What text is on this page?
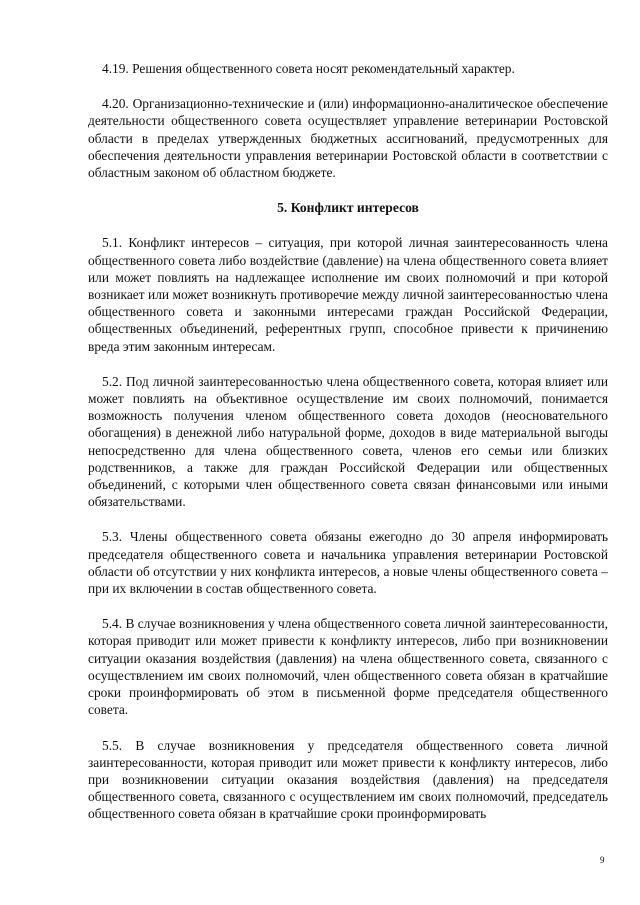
4.19. Решения общественного совета носят рекомендательный характер.

4.20. Организационно-технические и (или) информационно-аналитическое обеспечение деятельности общественного совета осуществляет управление ветеринарии Ростовской области в пределах утвержденных бюджетных ассигнований, предусмотренных для обеспечения деятельности управления ветеринарии Ростовской области в соответствии с областным законом об областном бюджете.

5. Конфликт интересов

5.1. Конфликт интересов – ситуация, при которой личная заинтересованность члена общественного совета либо воздействие (давление) на члена общественного совета влияет или может повлиять на надлежащее исполнение им своих полномочий и при которой возникает или может возникнуть противоречие между личной заинтересованностью члена общественного совета и законными интересами граждан Российской Федерации, общественных объединений, референтных групп, способное привести к причинению вреда этим законным интересам.

5.2. Под личной заинтересованностью члена общественного совета, которая влияет или может повлиять на объективное осуществление им своих полномочий, понимается возможность получения членом общественного совета доходов (неосновательного обогащения) в денежной либо натуральной форме, доходов в виде материальной выгоды непосредственно для члена общественного совета, членов его семьи или близких родственников, а также для граждан Российской Федерации или общественных объединений, с которыми член общественного совета связан финансовыми или иными обязательствами.

5.3. Члены общественного совета обязаны ежегодно до 30 апреля информировать председателя общественного совета и начальника управления ветеринарии Ростовской области об отсутствии у них конфликта интересов, а новые члены общественного совета – при их включении в состав общественного совета.

5.4. В случае возникновения у члена общественного совета личной заинтересованности, которая приводит или может привести к конфликту интересов, либо при возникновении ситуации оказания воздействия (давления) на члена общественного совета, связанного с осуществлением им своих полномочий, член общественного совета обязан в кратчайшие сроки проинформировать об этом в письменной форме председателя общественного совета.

5.5. В случае возникновения у председателя общественного совета личной заинтересованности, которая приводит или может привести к конфликту интересов, либо при возникновении ситуации оказания воздействия (давления) на председателя общественного совета, связанного с осуществлением им своих полномочий, председатель общественного совета обязан в кратчайшие сроки проинформировать

9
